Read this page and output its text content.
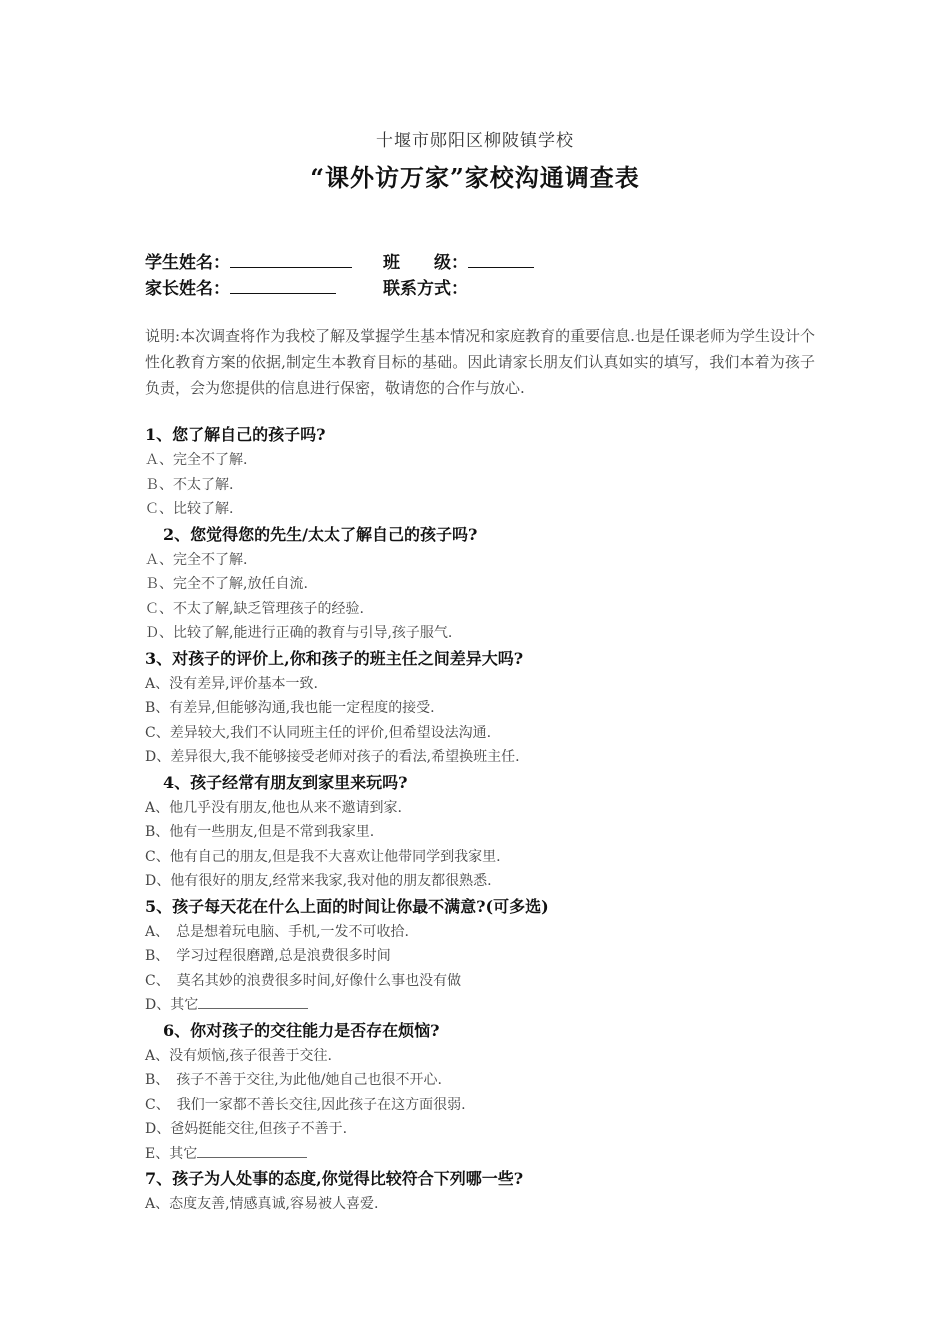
十堰市郧阳区柳陂镇学校
“课外访万家”家校沟通调查表
学生姓名：	班　　级：
家长姓名：	联系方式：
说明:本次调查将作为我校了解及掌握学生基本情况和家庭教育的重要信息.也是任课老师为学生设计个性化教育方案的依据,制定生本教育目标的基础。因此请家长朋友们认真如实的填写，我们本着为孩子负责，会为您提供的信息进行保密，敬请您的合作与放心.
1、您了解自己的孩子吗?
Ａ、完全不了解.
Ｂ、不太了解.
Ｃ、比较了解.
2、您觉得您的先生/太太了解自己的孩子吗?
Ａ、完全不了解.
Ｂ、完全不了解,放任自流.
Ｃ、不太了解,缺乏管理孩子的经验.
Ｄ、比较了解,能进行正确的教育与引导,孩子服气.
3、对孩子的评价上,你和孩子的班主任之间差异大吗?
A、没有差异,评价基本一致.
B、有差异,但能够沟通,我也能一定程度的接受.
C、差异较大,我们不认同班主任的评价,但希望设法沟通.
D、差异很大,我不能够接受老师对孩子的看法,希望换班主任.
4、孩子经常有朋友到家里来玩吗?
A、他几乎没有朋友,他也从来不邀请到家.
B、他有一些朋友,但是不常到我家里.
C、他有自己的朋友,但是我不大喜欢让他带同学到我家里.
D、他有很好的朋友,经常来我家,我对他的朋友都很熟悉.
5、孩子每天花在什么上面的时间让你最不满意?(可多选)
A、　总是想着玩电脑、手机,一发不可收拾.
B、　学习过程很磨蹭,总是浪费很多时间
C、　莫名其妙的浪费很多时间,好像什么事也没有做
D、其它
6、你对孩子的交往能力是否存在烦恼?
A、没有烦恼,孩子很善于交往.
B、　孩子不善于交往,为此他/她自己也很不开心.
C、　我们一家都不善长交往,因此孩子在这方面很弱.
D、爸妈挺能交往,但孩子不善于.
E、其它
7、孩子为人处事的态度,你觉得比较符合下列哪一些?
A、态度友善,情感真诚,容易被人喜爱.
